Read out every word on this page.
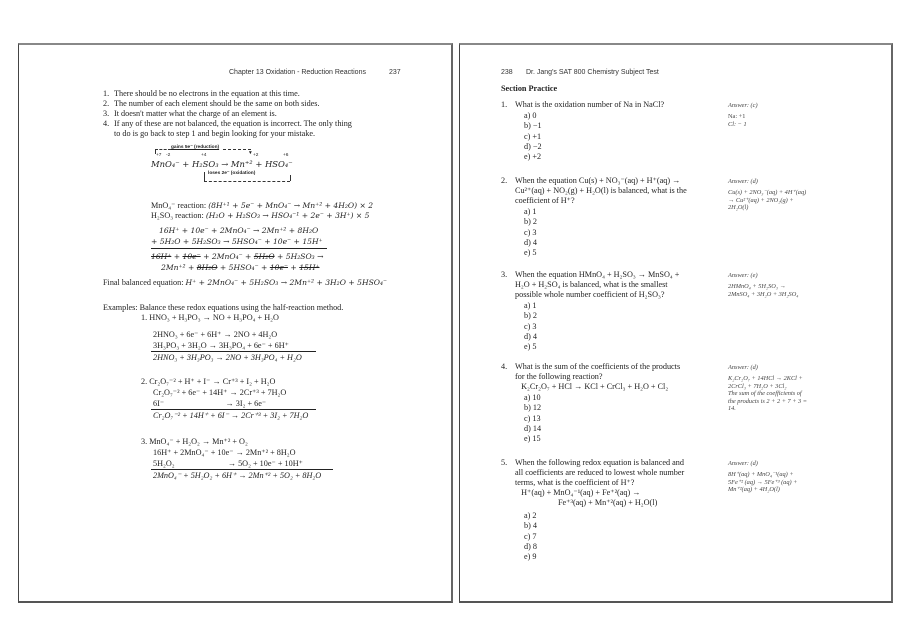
Chapter 13 Oxidation - Reduction Reactions	237
1. There should be no electrons in the equation at this time.
2. The number of each element should be the same on both sides.
3. It doesn't matter what the charge of an element is.
4. If any of these are not balanced, the equation is incorrect. The only thing
to do is go back to step 1 and begin looking for your mistake.
gains 5e⁻ (reduction)
▼
+7 -2	+4	+2	+6
MnO₄⁻ + H₂SO₃ → Mn⁺² + HSO₄⁻
loses 2e⁻ (oxidation)
MnO₄⁻ reaction: (8H⁺¹ + 5e⁻ + MnO₄⁻ → Mn⁺² + 4H₂O) × 2
H₂SO₃ reaction: (H₂O + H₂SO₃ → HSO₄⁻¹ + 2e⁻ + 3H⁺) × 5
16H⁺ + 10e⁻ + 2MnO₄⁻ → 2Mn⁺² + 8H₂O
+ 5H₂O + 5H₂SO₃ → 5HSO₄⁻ + 10e⁻ + 15H⁺
16H⁺ + 10e⁻ + 2MnO₄⁻ + 5H₂O + 5H₂SO₃ →
2Mn⁺² + 8H₂O + 5HSO₄⁻ + 10e⁻ + 15H⁺
Final balanced equation: H⁺ + 2MnO₄⁻ + 5H₂SO₃ → 2Mn⁺² + 3H₂O + 5HSO₄⁻
Examples: Balance these redox equations using the half-reaction method.
1. HNO₃ + H₃PO₃ → NO + H₃PO₄ + H₂O
2HNO₃ + 6e⁻ + 6H⁺ → 2NO + 4H₂O
3H₃PO₃ + 3H₂O → 3H₃PO₄ + 6e⁻ + 6H⁺
2HNO₃ + 3H₃PO₃ → 2NO + 3H₃PO₄ + H₂O
2. Cr₂O₇⁻² + H⁺ + I⁻ → Cr⁺³ + I₂ + H₂O
Cr₂O₇⁻² + 6e⁻ + 14H⁺ → 2Cr⁺³ + 7H₂O
6I⁻                              → 3I₂ + 6e⁻
Cr₂O₇⁻² + 14H⁺ + 6I⁻ → 2Cr⁺³ + 3I₂ + 7H₂O
3. MnO₄⁻ + H₂O₂ → Mn⁺² + O₂
16H⁺ + 2MnO₄⁻ + 10e⁻ → 2Mn⁺² + 8H₂O
5H₂O₂                          → 5O₂ + 10e⁻ + 10H⁺
2MnO₄⁻ + 5H₂O₂ + 6H⁺ → 2Mn⁺² + 5O₂ + 8H₂O
238 Dr. Jang's SAT 800 Chemistry Subject Test
Section Practice
1. What is the oxidation number of Na in NaCl?
a) 0
b) −1
c) +1
d) −2
e) +2
Answer: (c)
Na: +1
Cl: − 1
2. When the equation Cu(s) + NO₃⁻(aq) + H⁺(aq) →
Cu²⁺(aq) + NO₂(g) + H₂O(l) is balanced, what is the
coefficient of H⁺?
a) 1
b) 2
c) 3
d) 4
e) 5
Answer: (d)
Cu(s) + 2NO₃⁻(aq) + 4H⁺(aq)
→ Cu²⁺(aq) + 2NO₂(g) +
2H₂O(l)
3. When the equation HMnO₄ + H₂SO₃ → MnSO₄ +
H₂O + H₂SO₄ is balanced, what is the smallest
possible whole number coefficient of H₂SO₃?
a) 1
b) 2
c) 3
d) 4
e) 5
Answer: (e)
2HMnO₄ + 5H₂SO₃ →
2MnSO₄ + 3H₂O + 3H₂SO₄
4. What is the sum of the coefficients of the products
for the following reaction?
K₂Cr₂O₇ + HCl → KCl + CrCl₃ + H₂O + Cl₂
a) 10
b) 12
c) 13
d) 14
e) 15
Answer: (d)
K₂Cr₂O₇ + 14HCl → 2KCl +
2CrCl₃ + 7H₂O + 3Cl₂
The sum of the coefficients of
the products is 2 + 2 + 7 + 3 =
14.
5. When the following redox equation is balanced and
all coefficients are reduced to lowest whole number
terms, what is the coefficient of H⁺?
H⁺(aq) + MnO₄⁻¹(aq) + Fe⁺²(aq) →
Fe⁺³(aq) + Mn⁺²(aq) + H₂O(l)
a) 2
b) 4
c) 7
d) 8
e) 9
Answer: (d)
8H⁺(aq) + MnO₄⁻¹(aq) +
5Fe⁺² (aq) → 5Fe⁺³ (aq) +
Mn⁺²(aq) + 4H₂O(l)
